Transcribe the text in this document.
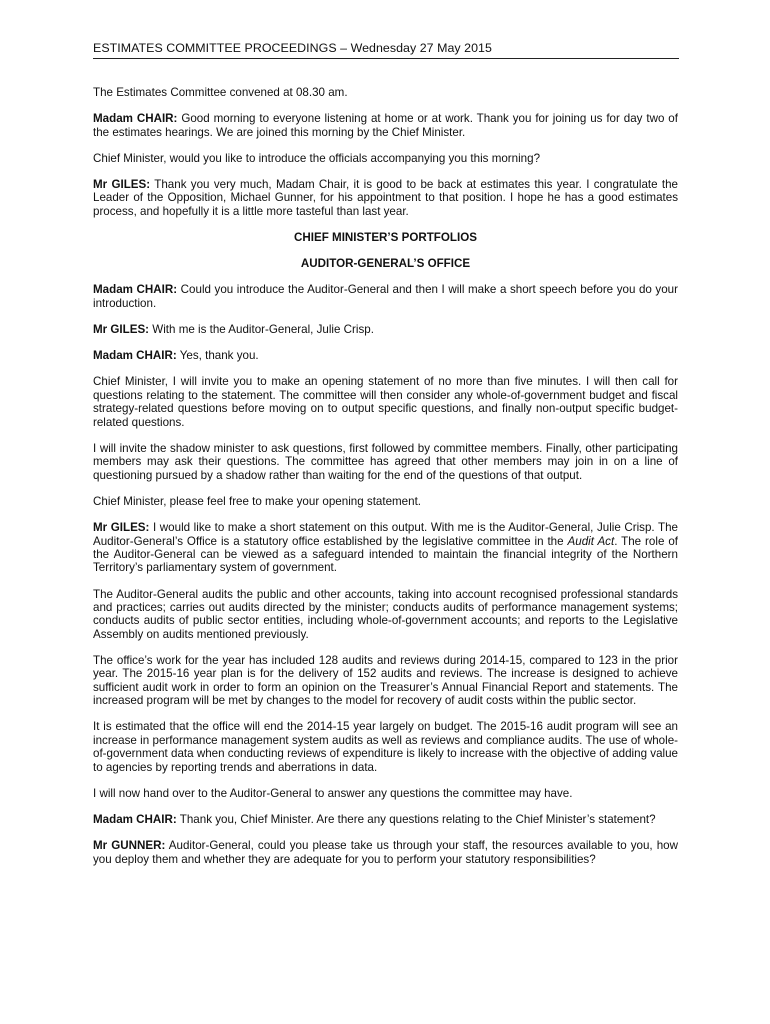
ESTIMATES COMMITTEE PROCEEDINGS – Wednesday 27 May 2015

The Estimates Committee convened at 08.30 am.

Madam CHAIR: Good morning to everyone listening at home or at work. Thank you for joining us for day two of the estimates hearings. We are joined this morning by the Chief Minister.

Chief Minister, would you like to introduce the officials accompanying you this morning?

Mr GILES: Thank you very much, Madam Chair, it is good to be back at estimates this year. I congratulate the Leader of the Opposition, Michael Gunner, for his appointment to that position. I hope he has a good estimates process, and hopefully it is a little more tasteful than last year.

CHIEF MINISTER’S PORTFOLIOS
AUDITOR-GENERAL’S OFFICE

Madam CHAIR: Could you introduce the Auditor-General and then I will make a short speech before you do your introduction.

Mr GILES: With me is the Auditor-General, Julie Crisp.

Madam CHAIR: Yes, thank you.

Chief Minister, I will invite you to make an opening statement of no more than five minutes. I will then call for questions relating to the statement. The committee will then consider any whole-of-government budget and fiscal strategy-related questions before moving on to output specific questions, and finally non-output specific budget-related questions.

I will invite the shadow minister to ask questions, first followed by committee members. Finally, other participating members may ask their questions. The committee has agreed that other members may join in on a line of questioning pursued by a shadow rather than waiting for the end of the questions of that output.

Chief Minister, please feel free to make your opening statement.

Mr GILES: I would like to make a short statement on this output. With me is the Auditor-General, Julie Crisp. The Auditor-General’s Office is a statutory office established by the legislative committee in the Audit Act. The role of the Auditor-General can be viewed as a safeguard intended to maintain the financial integrity of the Northern Territory’s parliamentary system of government.

The Auditor-General audits the public and other accounts, taking into account recognised professional standards and practices; carries out audits directed by the minister; conducts audits of performance management systems; conducts audits of public sector entities, including whole-of-government accounts; and reports to the Legislative Assembly on audits mentioned previously.

The office’s work for the year has included 128 audits and reviews during 2014-15, compared to 123 in the prior year. The 2015-16 year plan is for the delivery of 152 audits and reviews. The increase is designed to achieve sufficient audit work in order to form an opinion on the Treasurer’s Annual Financial Report and statements. The increased program will be met by changes to the model for recovery of audit costs within the public sector.

It is estimated that the office will end the 2014-15 year largely on budget. The 2015-16 audit program will see an increase in performance management system audits as well as reviews and compliance audits. The use of whole-of-government data when conducting reviews of expenditure is likely to increase with the objective of adding value to agencies by reporting trends and aberrations in data.

I will now hand over to the Auditor-General to answer any questions the committee may have.

Madam CHAIR: Thank you, Chief Minister. Are there any questions relating to the Chief Minister’s statement?

Mr GUNNER: Auditor-General, could you please take us through your staff, the resources available to you, how you deploy them and whether they are adequate for you to perform your statutory responsibilities?
